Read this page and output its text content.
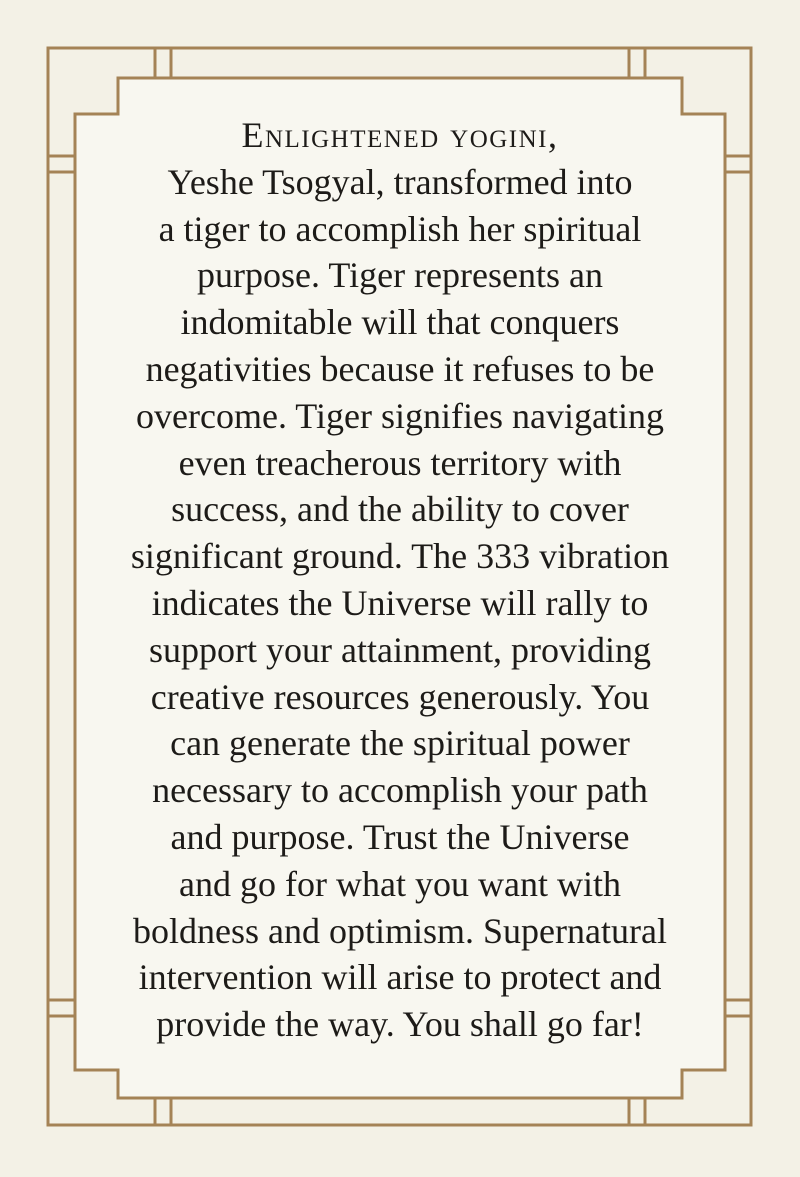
Enlightened yogini,
Yeshe Tsogyal, transformed into
a tiger to accomplish her spiritual
purpose. Tiger represents an
indomitable will that conquers
negativities because it refuses to be
overcome. Tiger signifies navigating
even treacherous territory with
success, and the ability to cover
significant ground. The 333 vibration
indicates the Universe will rally to
support your attainment, providing
creative resources generously. You
can generate the spiritual power
necessary to accomplish your path
and purpose. Trust the Universe
and go for what you want with
boldness and optimism. Supernatural
intervention will arise to protect and
provide the way. You shall go far!
